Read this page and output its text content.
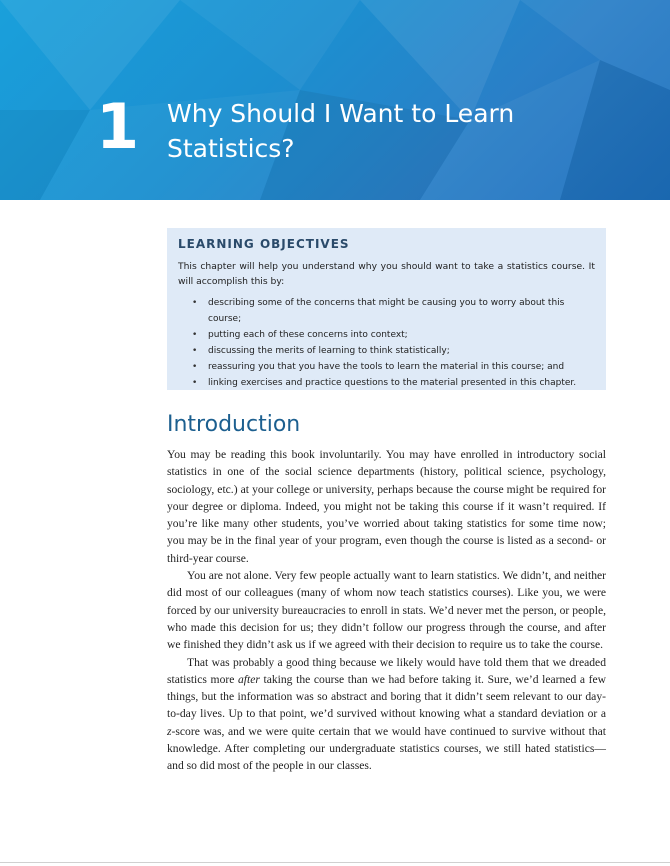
1 Why Should I Want to Learn Statistics?
LEARNING OBJECTIVES
This chapter will help you understand why you should want to take a statistics course. It will accomplish this by:
• describing some of the concerns that might be causing you to worry about this course;
• putting each of these concerns into context;
• discussing the merits of learning to think statistically;
• reassuring you that you have the tools to learn the material in this course; and
• linking exercises and practice questions to the material presented in this chapter.
Introduction

You may be reading this book involuntarily. You may have enrolled in introductory social statistics in one of the social science departments (history, political science, psychology, sociology, etc.) at your college or university, perhaps because the course might be required for your degree or diploma. Indeed, you might not be taking this course if it wasn’t required. If you’re like many other students, you’ve worried about taking statistics for some time now; you may be in the final year of your program, even though the course is listed as a second- or third-year course.

You are not alone. Very few people actually want to learn statistics. We didn’t, and neither did most of our colleagues (many of whom now teach statistics courses). Like you, we were forced by our university bureaucracies to enroll in stats. We’d never met the person, or people, who made this decision for us; they didn’t follow our progress through the course, and after we finished they didn’t ask us if we agreed with their decision to require us to take the course.

That was probably a good thing because we likely would have told them that we dreaded statistics more after taking the course than we had before taking it. Sure, we’d learned a few things, but the information was so abstract and boring that it didn’t seem relevant to our day-to-day lives. Up to that point, we’d survived without knowing what a standard deviation or a z-score was, and we were quite certain that we would have continued to survive without that knowledge. After completing our undergraduate statistics courses, we still hated statistics—and so did most of the people in our classes.
